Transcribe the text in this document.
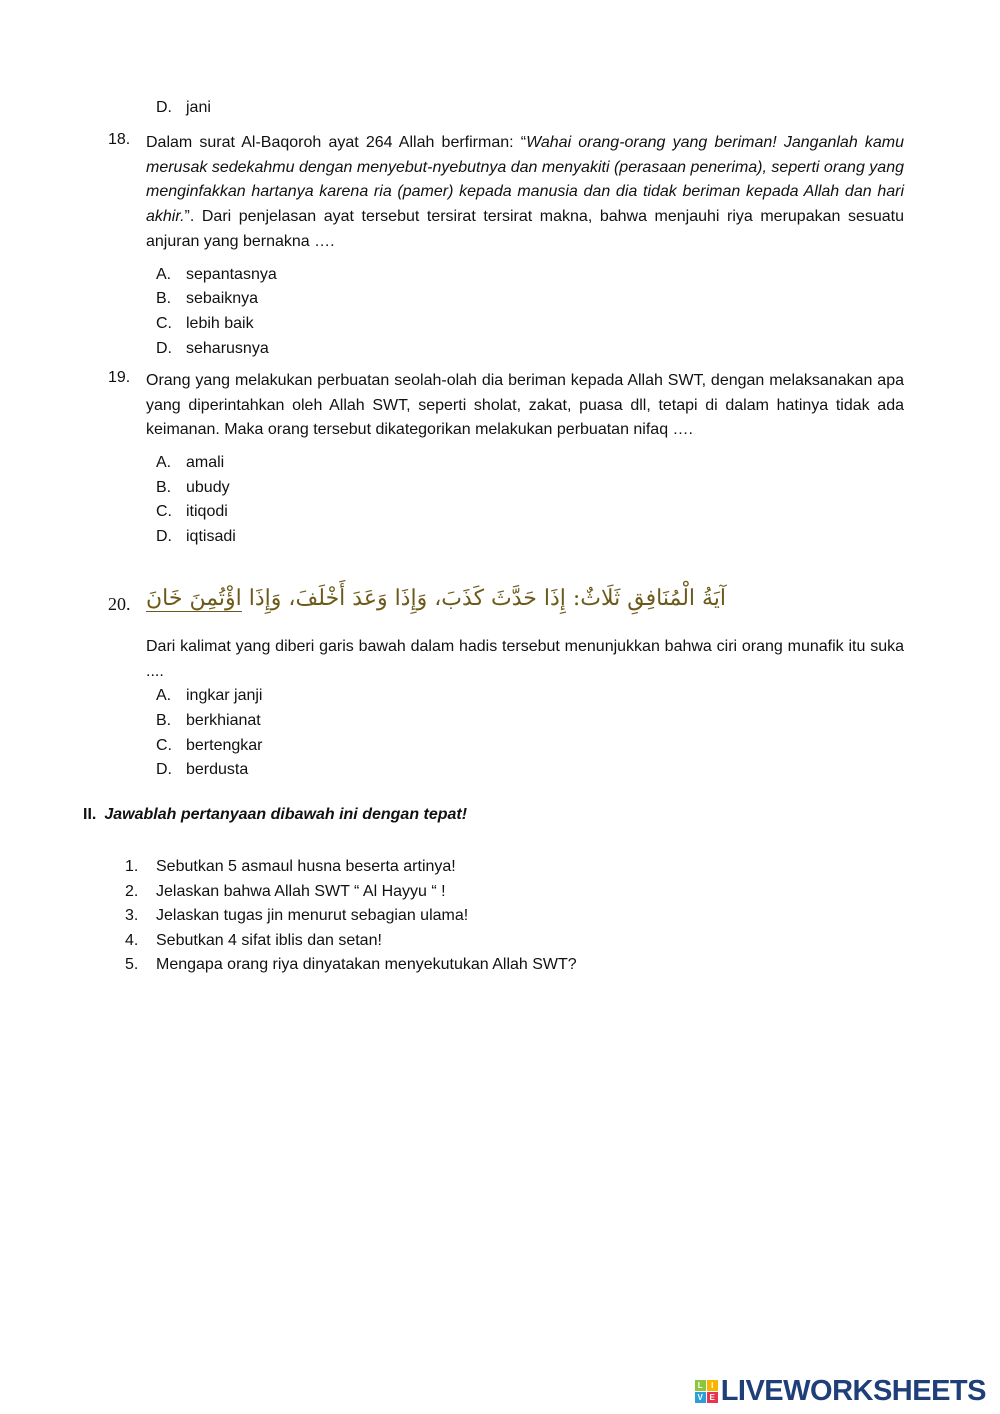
D. jani
18. Dalam surat Al-Baqoroh ayat 264 Allah berfirman: “Wahai orang-orang yang beriman! Janganlah kamu merusak sedekahmu dengan menyebut-nyebutnya dan menyakiti (perasaan penerima), seperti orang yang menginfakkan hartanya karena ria (pamer) kepada manusia dan dia tidak beriman kepada Allah dan hari akhir.”. Dari penjelasan ayat tersebut tersirat tersirat makna, bahwa menjauhi riya merupakan sesuatu anjuran yang bernakna ….
A. sepantasnya
B. sebaiknya
C. lebih baik
D. seharusnya
19. Orang yang melakukan perbuatan seolah-olah dia beriman kepada Allah SWT, dengan melaksanakan apa yang diperintahkan oleh Allah SWT, seperti sholat, zakat, puasa dll, tetapi di dalam hatinya tidak ada keimanan. Maka orang tersebut dikategorikan melakukan perbuatan nifaq ….
A. amali
B. ubudy
C. itiqodi
D. iqtisadi
20.	آيَةُ الْمُنَافِقِ ثَلَاثٌ: إِذَا حَدَّثَ كَذَبَ، وَإِذَا وَعَدَ أَخْلَفَ، وَإِذَا اؤْتُمِنَ خَانَ
Dari kalimat yang diberi garis bawah dalam hadis tersebut menunjukkan bahwa ciri orang munafik itu suka ....
A. ingkar janji
B. berkhianat
C. bertengkar
D. berdusta
II. Jawablah pertanyaan dibawah ini dengan tepat!
1. Sebutkan 5 asmaul husna beserta artinya!
2. Jelaskan bahwa Allah SWT “ Al Hayyu “ !
3. Jelaskan tugas jin menurut sebagian ulama!
4. Sebutkan 4 sifat iblis dan setan!
5. Mengapa orang riya dinyatakan menyekutukan Allah SWT?
L	I
V E LIVEWORKSHEETS
